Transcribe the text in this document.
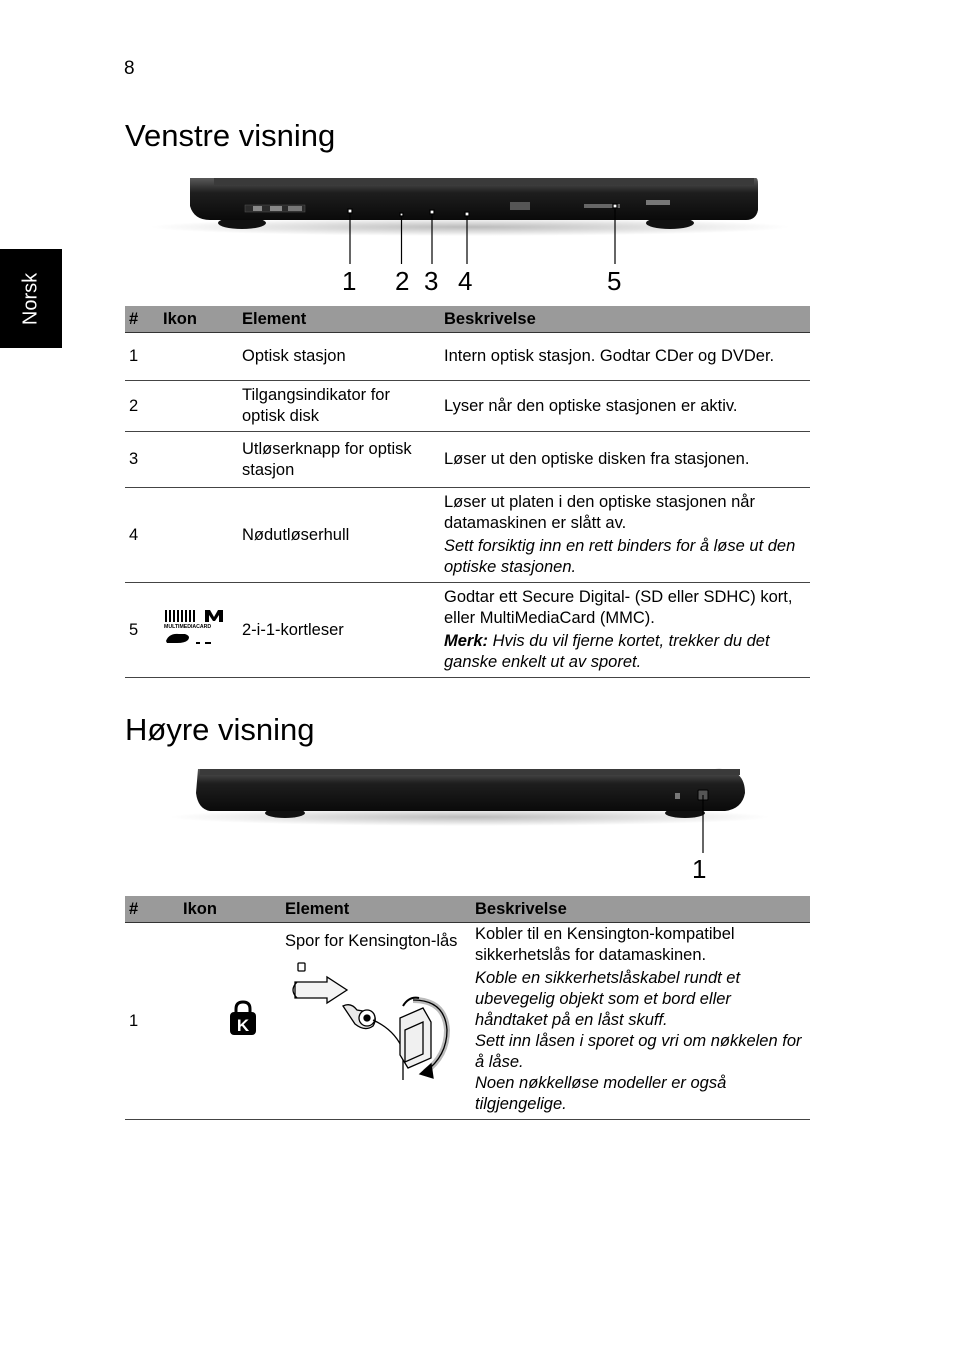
8
Norsk
Venstre visning
1 2 3 4	5
#	Ikon	Element	Beskrivelse
1		Optisk stasjon	Intern optisk stasjon. Godtar CDer og DVDer.
2		Tilgangsindikator for optisk disk	Lyser når den optiske stasjonen er aktiv.
3		Utløserknapp for optisk stasjon	Løser ut den optiske disken fra stasjonen.
4		Nødutløserhull	Løser ut platen i den optiske stasjonen når datamaskinen er slått av.

Sett forsiktig inn en rett binders for å løse ut den optiske stasjonen.

5	MULTIMEDIACARD	2-i-1-kortleser	Godtar ett Secure Digital- (SD eller SDHC) kort, eller MultiMediaCard (MMC).

Merk: Hvis du vil fjerne kortet, trekker du det ganske enkelt ut av sporet.

Høyre visning
1
#	Ikon	Element	Beskrivelse
1	K	Spor for Kensington-lås	Kobler til en Kensington-kompatibel sikkerhetslås for datamaskinen.

Koble en sikkerhetslåskabel rundt et ubevegelig objekt som et bord eller håndtaket på en låst skuff.

Sett inn låsen i sporet og vri om nøkkelen for å låse.

Noen nøkkelløse modeller er også tilgjengelige.
